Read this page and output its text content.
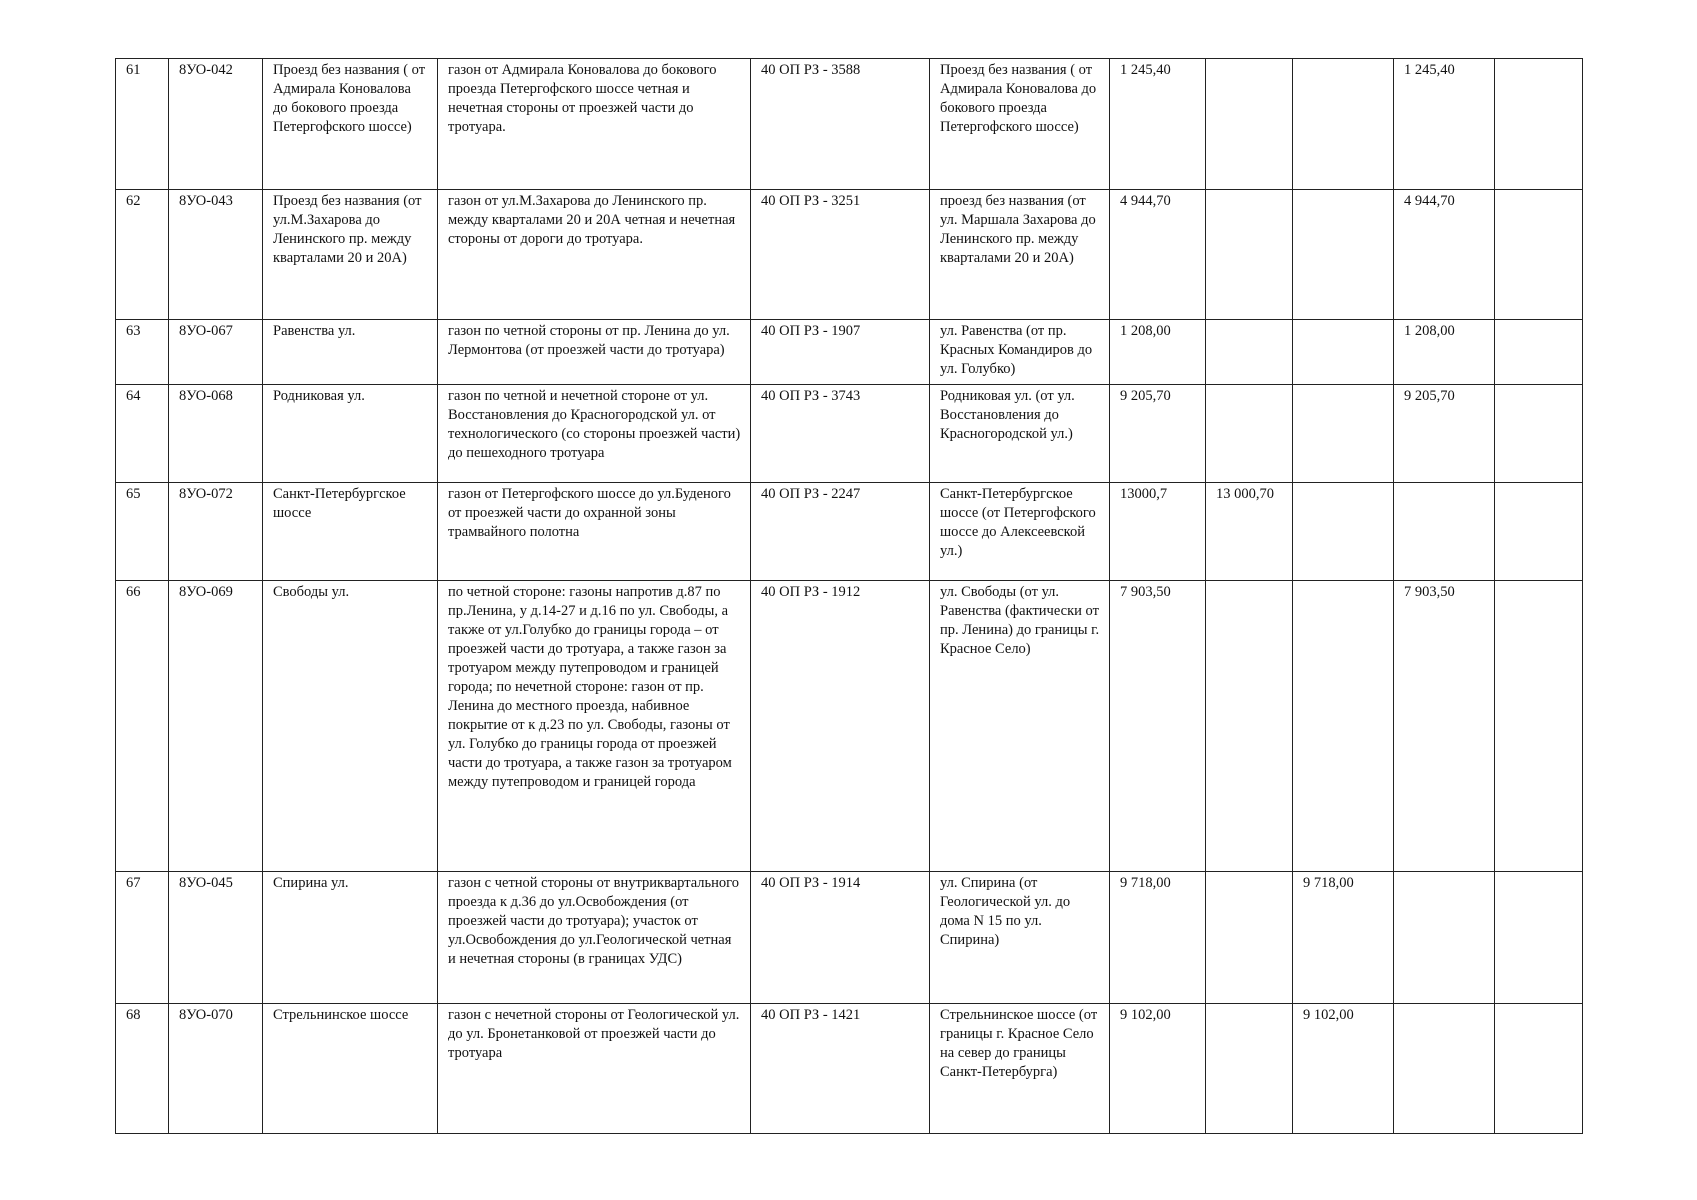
61	8УО-042	Проезд без названия ( от Адмирала Коновалова до бокового проезда Петергофского шоссе)	газон от Адмирала Коновалова до бокового проезда Петергофского шоссе четная и нечетная стороны от проезжей части до тротуара.	40 ОП РЗ - 3588	Проезд без названия ( от Адмирала Коновалова до бокового проезда Петергофского шоссе)	1 245,40			1 245,40	
62	8УО-043	Проезд без названия (от ул.М.Захарова до Ленинского пр. между кварталами 20 и 20А)	газон от ул.М.Захарова до Ленинского пр. между кварталами 20 и 20А четная и нечетная стороны от дороги до тротуара.	40 ОП РЗ - 3251	проезд без названия (от ул. Маршала Захарова до Ленинского пр. между кварталами 20 и 20А)	4 944,70			4 944,70	
63	8УО-067	Равенства ул.	газон по четной стороны от пр. Ленина до ул. Лермонтова (от проезжей части до тротуара)	40 ОП РЗ - 1907	ул. Равенства (от пр. Красных Командиров до ул. Голубко)	1 208,00			1 208,00	
64	8УО-068	Родниковая ул.	газон по четной и нечетной стороне от ул. Восстановления до Красногородской ул. от технологического (со стороны проезжей части) до пешеходного тротуара	40 ОП РЗ - 3743	Родниковая ул. (от ул. Восстановления до Красногородской ул.)	9 205,70			9 205,70	
65	8УО-072	Санкт-Петербургское шоссе	газон от Петергофского шоссе до ул.Буденого от проезжей части до охранной зоны трамвайного полотна	40 ОП РЗ - 2247	Санкт-Петербургское шоссе (от Петергофского шоссе до Алексеевской ул.)	13000,7	13 000,70			
66	8УО-069	Свободы ул.	по четной стороне: газоны напротив д.87 по пр.Ленина, у д.14-27 и д.16 по ул. Свободы, а также от ул.Голубко до границы города – от проезжей части до тротуара, а также газон за тротуаром между путепроводом и границей города; по нечетной стороне: газон от пр. Ленина до местного проезда, набивное покрытие от к д.23 по ул. Свободы, газоны от ул. Голубко до границы города от проезжей части до тротуара, а также газон за тротуаром между путепроводом и границей города	40 ОП РЗ - 1912	ул. Свободы (от ул. Равенства (фактически от пр. Ленина) до границы г. Красное Село)	7 903,50			7 903,50	
67	8УО-045	Спирина ул.	газон с четной стороны от внутриквартального проезда к д.36 до ул.Освобождения (от проезжей части до тротуара); участок от ул.Освобождения до ул.Геологической четная и нечетная стороны (в границах УДС)	40 ОП РЗ - 1914	ул. Спирина (от Геологической ул. до дома N 15 по ул. Спирина)	9 718,00		9 718,00		
68	8УО-070	Стрельнинское шоссе	газон с нечетной стороны от Геологической ул. до ул. Бронетанковой от проезжей части до тротуара	40 ОП РЗ - 1421	Стрельнинское шоссе (от границы г. Красное Село на север до границы Санкт-Петербурга)	9 102,00		9 102,00		
